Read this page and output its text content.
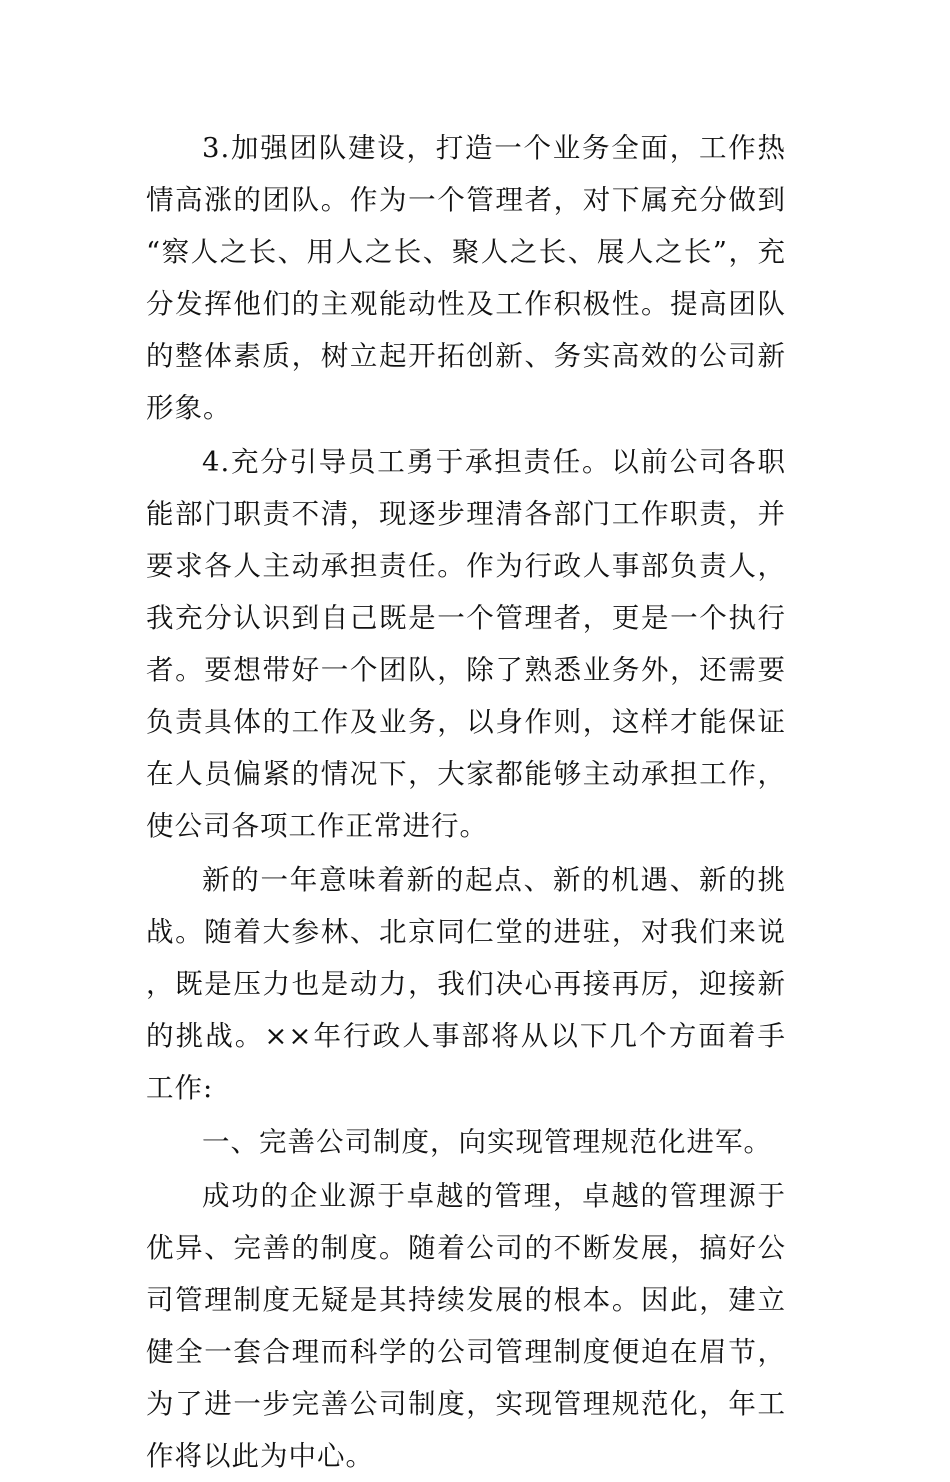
3.加强团队建设，打造一个业务全面，工作热情高涨的团队。作为一个管理者，对下属充分做到“察人之长、用人之长、聚人之长、展人之长”，充分发挥他们的主观能动性及工作积极性。提高团队的整体素质，树立起开拓创新、务实高效的公司新形象。

4.充分引导员工勇于承担责任。以前公司各职能部门职责不清，现逐步理清各部门工作职责，并要求各人主动承担责任。作为行政人事部负责人，我充分认识到自己既是一个管理者，更是一个执行者。要想带好一个团队，除了熟悉业务外，还需要负责具体的工作及业务，以身作则，这样才能保证在人员偏紧的情况下，大家都能够主动承担工作，使公司各项工作正常进行。

新的一年意味着新的起点、新的机遇、新的挑战。随着大参林、北京同仁堂的进驻，对我们来说，既是压力也是动力，我们决心再接再厉，迎接新的挑战。××年行政人事部将从以下几个方面着手工作:

一、完善公司制度，向实现管理规范化进军。

成功的企业源于卓越的管理，卓越的管理源于优异、完善的制度。随着公司的不断发展，搞好公司管理制度无疑是其持续发展的根本。因此，建立健全一套合理而科学的公司管理制度便迫在眉节，为了进一步完善公司制度，实现管理规范化，年工作将以此为中心。
